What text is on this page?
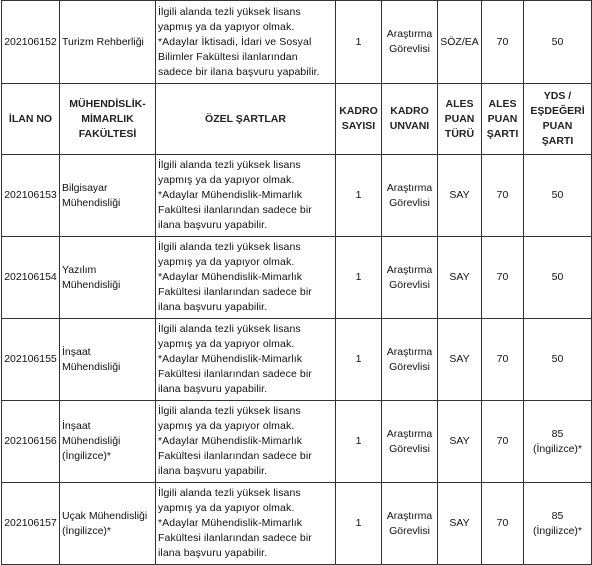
202106152	Turizm Rehberliği	İlgili alanda tezli yüksek lisans
yapmış ya da yapıyor olmak.
*Adaylar İktisadi, İdari ve Sosyal
Bilimler Fakültesi ilanlarından
sadece bir ilana başvuru yapabilir.	1	Araştırma
Görevlisi	SÖZ/EA	70	50

İLAN NO	MÜHENDİSLİK-
MİMARLIK
FAKÜLTESİ	ÖZEL ŞARTLAR	KADRO
SAYISI	KADRO
UNVANI	ALES
PUAN
TÜRÜ	ALES
PUAN
ŞARTI	YDS /
EŞDEĞERİ
PUAN
ŞARTI

202106153	Bilgisayar
Mühendisliği	İlgili alanda tezli yüksek lisans
yapmış ya da yapıyor olmak.
*Adaylar Mühendislik-Mimarlık
Fakültesi ilanlarından sadece bir
ilana başvuru yapabilir.	1	Araştırma
Görevlisi	SAY	70	50

202106154	Yazılım
Mühendisliği	İlgili alanda tezli yüksek lisans
yapmış ya da yapıyor olmak.
*Adaylar Mühendislik-Mimarlık
Fakültesi ilanlarından sadece bir
ilana başvuru yapabilir.	1	Araştırma
Görevlisi	SAY	70	50

202106155	İnşaat
Mühendisliği	İlgili alanda tezli yüksek lisans
yapmış ya da yapıyor olmak.
*Adaylar Mühendislik-Mimarlık
Fakültesi ilanlarından sadece bir
ilana başvuru yapabilir.	1	Araştırma
Görevlisi	SAY	70	50

202106156	İnşaat
Mühendisliği
(İngilizce)*	İlgili alanda tezli yüksek lisans
yapmış ya da yapıyor olmak.
*Adaylar Mühendislik-Mimarlık
Fakültesi ilanlarından sadece bir
ilana başvuru yapabilir.	1	Araştırma
Görevlisi	SAY	70	85
(İngilizce)*

202106157	Uçak Mühendisliği
(İngilizce)*	İlgili alanda tezli yüksek lisans
yapmış ya da yapıyor olmak.
*Adaylar Mühendislik-Mimarlık
Fakültesi ilanlarından sadece bir
ilana başvuru yapabilir.	1	Araştırma
Görevlisi	SAY	70	85
(İngilizce)*
